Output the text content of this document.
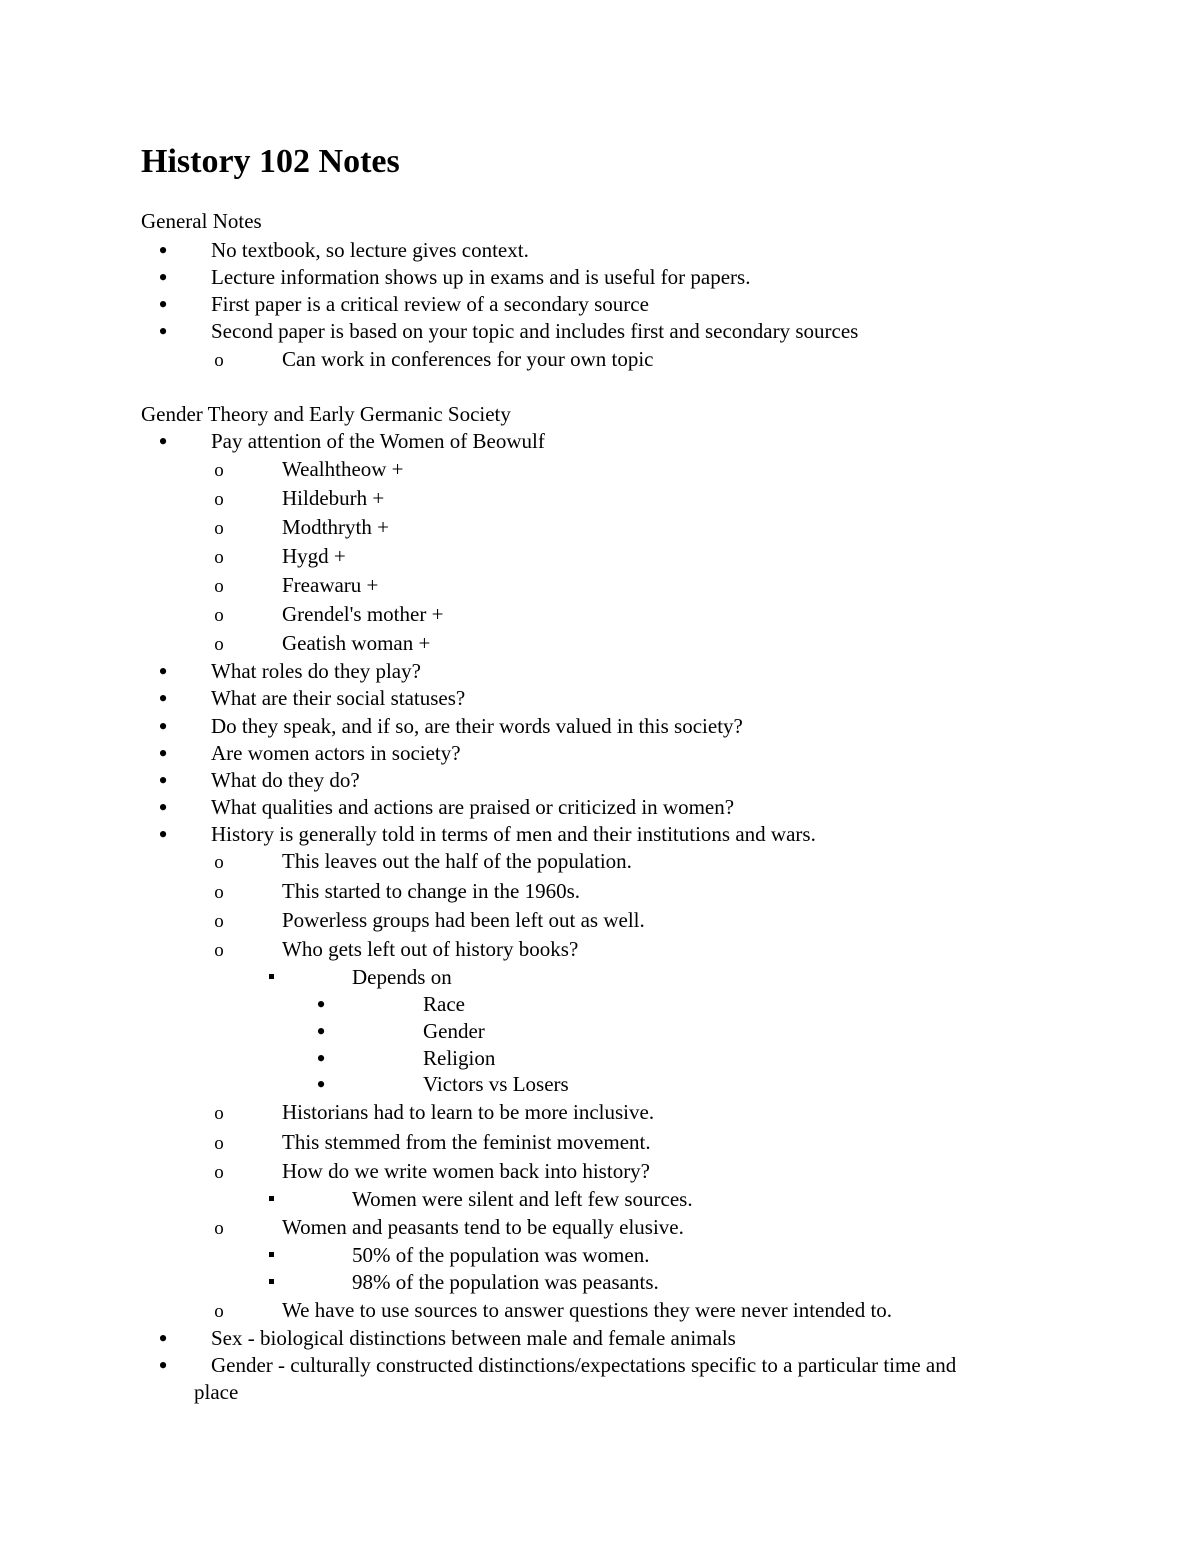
History 102 Notes
General Notes
•
No textbook, so lecture gives context.
•
Lecture information shows up in exams and is useful for papers.
•
First paper is a critical review of a secondary source
•
Second paper is based on your topic and includes first and secondary sources
o
Can work in conferences for your own topic
Gender Theory and Early Germanic Society
•
Pay attention of the Women of Beowulf
o
Wealhtheow +
o
Hildeburh +
o
Modthryth +
o
Hygd +
o
Freawaru +
o
Grendel's mother +
o
Geatish woman +
•
What roles do they play?
•
What are their social statuses?
•
Do they speak, and if so, are their words valued in this society?
•
Are women actors in society?
•
What do they do?
•
What qualities and actions are praised or criticized in women?
•
History is generally told in terms of men and their institutions and wars.
o
This leaves out the half of the population.
o
This started to change in the 1960s.
o
Powerless groups had been left out as well.
o
Who gets left out of history books?
Depends on
•
Race
•
Gender
•
Religion
•
Victors vs Losers
o
Historians had to learn to be more inclusive.
o
This stemmed from the feminist movement.
o
How do we write women back into history?
Women were silent and left few sources.
o
Women and peasants tend to be equally elusive.
50% of the population was women.
98% of the population was peasants.
o
We have to use sources to answer questions they were never intended to.
•
Sex - biological distinctions between male and female animals
•
Gender - culturally constructed distinctions/expectations specific to a particular time and
place
